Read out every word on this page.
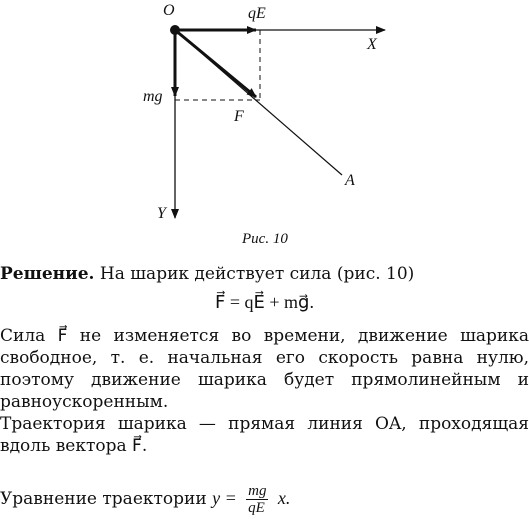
O	qE⃗
X
mg⃗
F⃗
A
Y
Рис. 10
Решение. На шарик действует сила (рис. 10)
F⃗ = qE⃗ + mg⃗.
Сила F⃗ не изменяется во времени, движение шарика свободное, т. е. начальная его скорость равна нулю, поэтому движение шарика будет прямолинейным и равноускоренным.
Траектория шарика — прямая линия OA, проходящая вдоль вектора F⃗.
Уравнение траектории $y = \frac{mg}{qE} x$.
